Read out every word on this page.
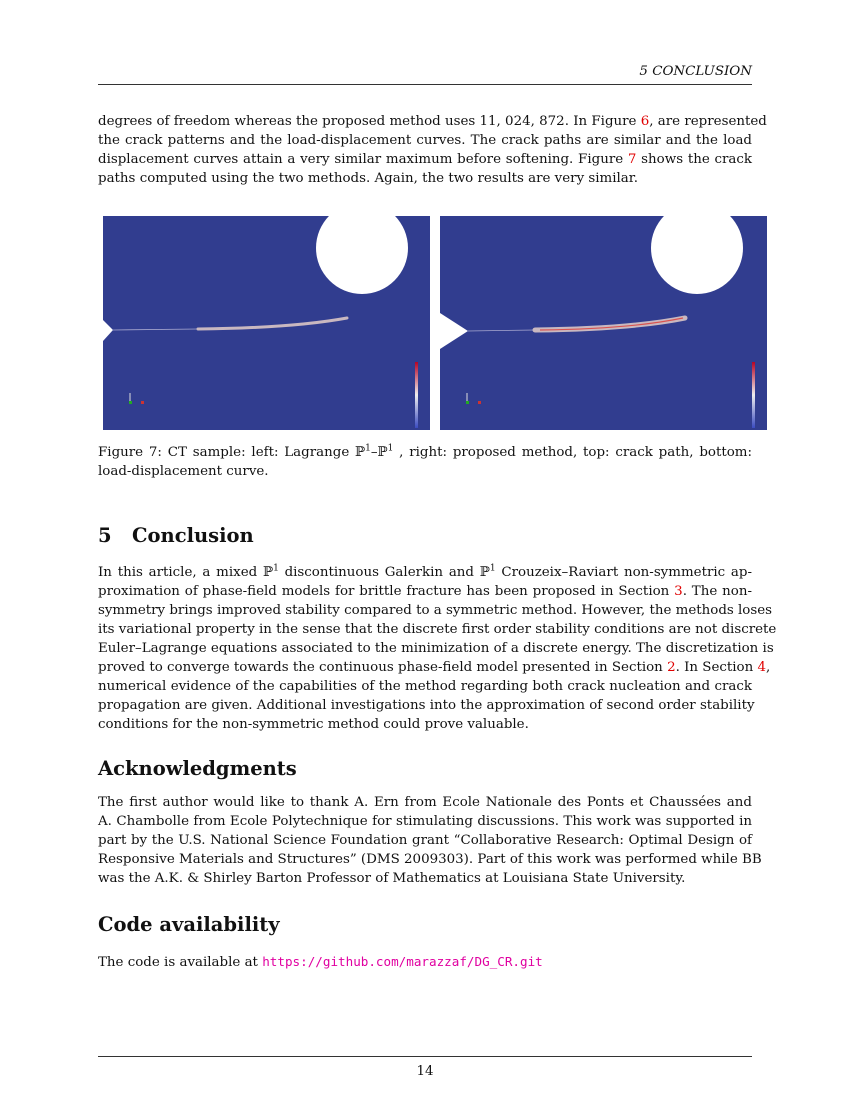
5 CONCLUSION
degrees of freedom whereas the proposed method uses 11, 024, 872. In Figure 6, are represented
the crack patterns and the load-displacement curves. The crack paths are similar and the load
displacement curves attain a very similar maximum before softening. Figure 7 shows the crack
paths computed using the two methods. Again, the two results are very similar.
Figure 7: CT sample: left: Lagrange ℙ$^1$–ℙ$^1$ , right: proposed method, top: crack path, bottom:
load-displacement curve.
5 Conclusion
In this article, a mixed ℙ$^1$ discontinuous Galerkin and ℙ$^1$ Crouzeix–Raviart non-symmetric ap-
proximation of phase-field models for brittle fracture has been proposed in Section 3. The non-
symmetry brings improved stability compared to a symmetric method. However, the methods loses
its variational property in the sense that the discrete first order stability conditions are not discrete
Euler–Lagrange equations associated to the minimization of a discrete energy. The discretization is
proved to converge towards the continuous phase-field model presented in Section 2. In Section 4,
numerical evidence of the capabilities of the method regarding both crack nucleation and crack
propagation are given. Additional investigations into the approximation of second order stability
conditions for the non-symmetric method could prove valuable.
Acknowledgments
The first author would like to thank A. Ern from Ecole Nationale des Ponts et Chaussées and
A. Chambolle from Ecole Polytechnique for stimulating discussions. This work was supported in
part by the U.S. National Science Foundation grant “Collaborative Research: Optimal Design of
Responsive Materials and Structures” (DMS 2009303). Part of this work was performed while BB
was the A.K. & Shirley Barton Professor of Mathematics at Louisiana State University.
Code availability
The code is available at https://github.com/marazzaf/DG_CR.git
14
